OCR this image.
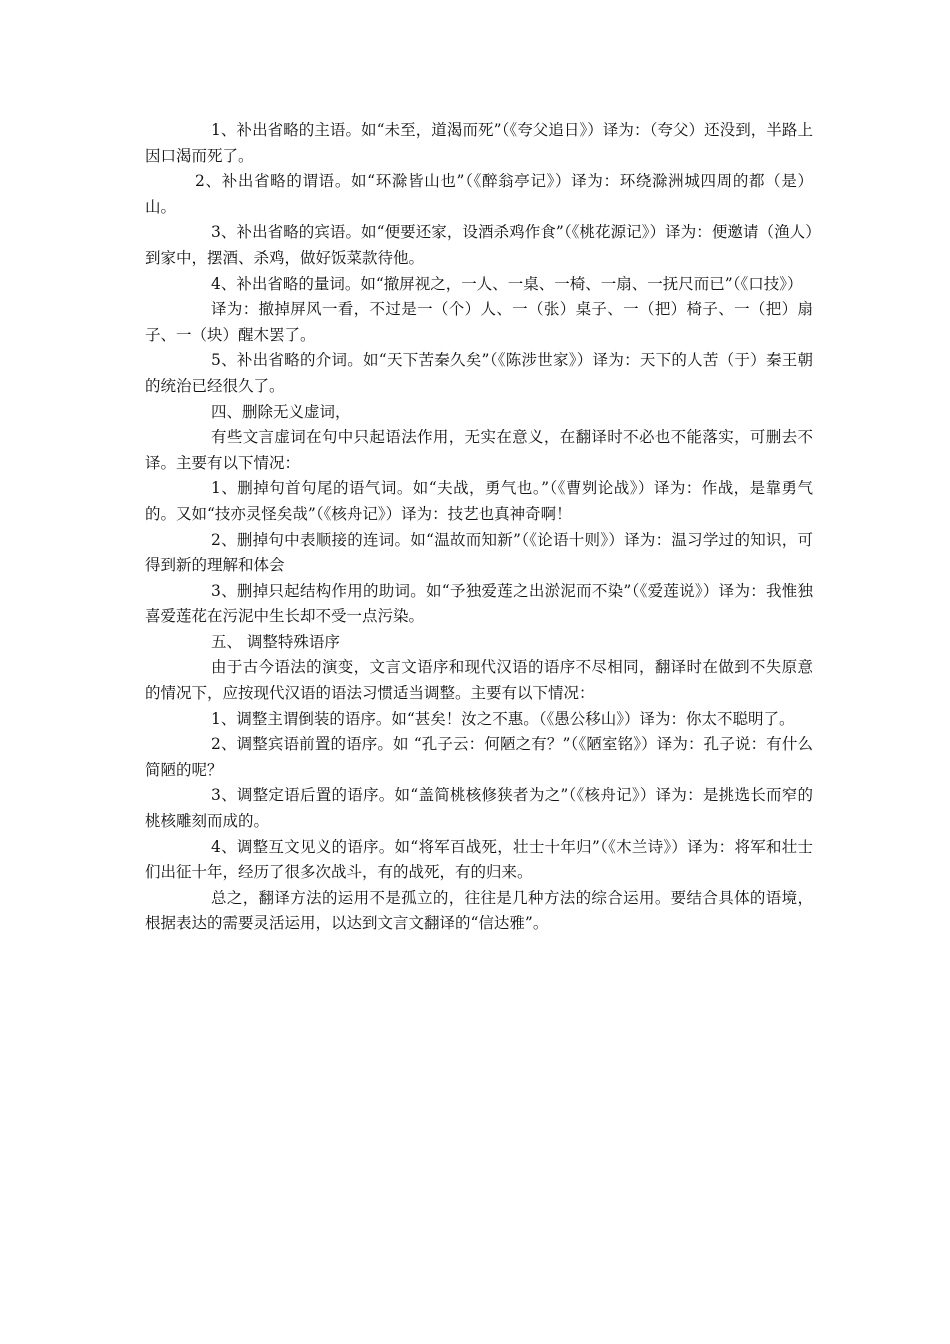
1、补出省略的主语。如“未至，道渴而死”（《夸父追日》）译为：（夸父）还没到，半路上因口渴而死了。

2、补出省略的谓语。如“环滁皆山也”（《醉翁亭记》）译为：环绕滁洲城四周的都（是）山。

3、补出省略的宾语。如“便要还家，设酒杀鸡作食”（《桃花源记》）译为：便邀请（渔人）到家中，摆酒、杀鸡，做好饭菜款待他。

4、补出省略的量词。如“撤屏视之，一人、一桌、一椅、一扇、一抚尺而已”（《口技》）

译为：撤掉屏风一看，不过是一（个）人、一（张）桌子、一（把）椅子、一（把）扇子、一（块）醒木罢了。

5、补出省略的介词。如“天下苦秦久矣”（《陈涉世家》）译为：天下的人苦（于）秦王朝的统治已经很久了。

四、删除无义虚词，

有些文言虚词在句中只起语法作用，无实在意义，在翻译时不必也不能落实，可删去不译。主要有以下情况：

1、删掉句首句尾的语气词。如“夫战，勇气也。”（《曹刿论战》）译为：作战，是靠勇气的。又如“技亦灵怪矣哉”（《核舟记》）译为：技艺也真神奇啊！

2、删掉句中表顺接的连词。如“温故而知新”（《论语十则》）译为：温习学过的知识，可得到新的理解和体会

3、删掉只起结构作用的助词。如“予独爱莲之出淤泥而不染”（《爱莲说》）译为：我惟独喜爱莲花在污泥中生长却不受一点污染。

五、 调整特殊语序

由于古今语法的演变，文言文语序和现代汉语的语序不尽相同，翻译时在做到不失原意的情况下，应按现代汉语的语法习惯适当调整。主要有以下情况：

1、调整主谓倒装的语序。如“甚矣！汝之不惠。（《愚公移山》）译为：你太不聪明了。

2、调整宾语前置的语序。如 “孔子云：何陋之有？”（《陋室铭》）译为：孔子说：有什么简陋的呢？

3、调整定语后置的语序。如“盖简桃核修狭者为之”（《核舟记》）译为：是挑选长而窄的桃核雕刻而成的。

4、调整互文见义的语序。如“将军百战死，壮士十年归”（《木兰诗》）译为：将军和壮士们出征十年，经历了很多次战斗，有的战死，有的归来。

总之，翻译方法的运用不是孤立的，往往是几种方法的综合运用。要结合具体的语境，根据表达的需要灵活运用，以达到文言文翻译的“信达雅”。
